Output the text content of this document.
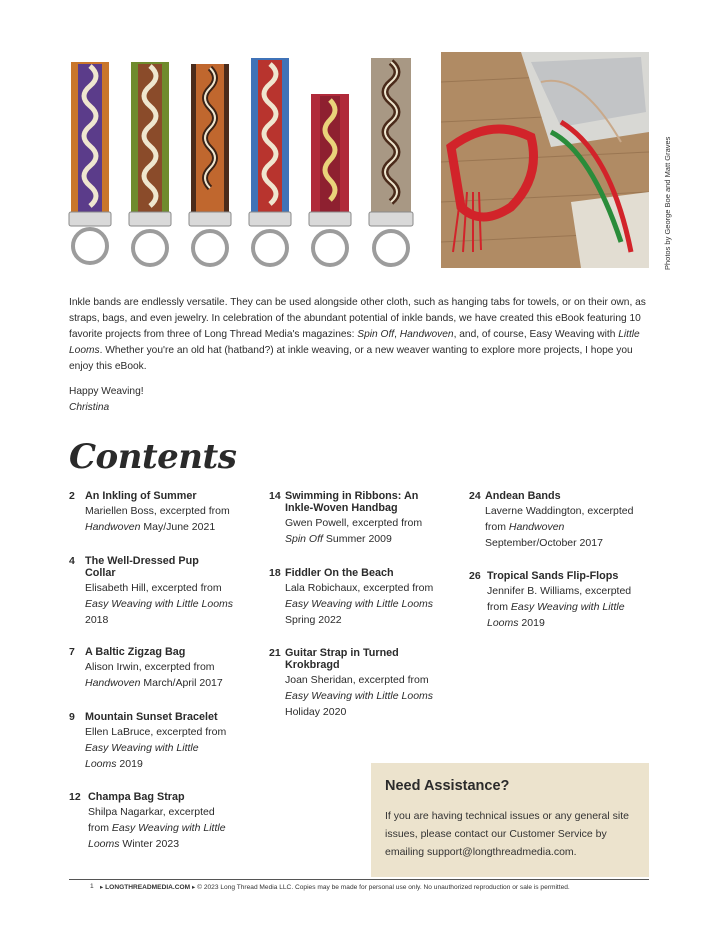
Photos by George Boe and Matt Graves

Inkle bands are endlessly versatile. They can be used alongside other cloth, such as hanging tabs for towels, or on their own, as straps, bags, and even jewelry. In celebration of the abundant potential of inkle bands, we have created this eBook featuring 10 favorite projects from three of Long Thread Media's magazines: Spin Off, Handwoven, and, of course, Easy Weaving with Little Looms. Whether you're an old hat (hatband?) at inkle weaving, or a new weaver wanting to explore more projects, I hope you enjoy this eBook.

Happy Weaving!
Christina

Contents
2 An Inkling of Summer
Mariellen Boss, excerpted from
Handwoven May/June 2021
4 The Well-Dressed Pup Collar
Elisabeth Hill, excerpted from Easy Weaving with Little Looms 2018
7 A Baltic Zigzag Bag
Alison Irwin, excerpted from
Handwoven March/April 2017
9 Mountain Sunset Bracelet
Ellen LaBruce, excerpted from Easy Weaving with Little Looms 2019
12 Champa Bag Strap
Shilpa Nagarkar, excerpted from Easy Weaving with Little Looms Winter 2023
14 Swimming in Ribbons: An Inkle-Woven Handbag
Gwen Powell, excerpted from
Spin Off Summer 2009
18 Fiddler On the Beach
Lala Robichaux, excerpted from Easy Weaving with Little Looms Spring 2022
21 Guitar Strap in Turned Krokbragd
Joan Sheridan, excerpted from
Easy Weaving with Little Looms
Holiday 2020
24 Andean Bands
Laverne Waddington, excerpted from Handwoven
September/October 2017
26 Tropical Sands Flip-Flops
Jennifer B. Williams, excerpted from Easy Weaving with Little Looms 2019
Need Assistance?

If you are having technical issues or any general site issues, please contact our Customer Service by emailing support@longthreadmedia.com.

1 ▸ LONGTHREADMEDIA.COM ▸ © 2023 Long Thread Media LLC. Copies may be made for personal use only. No unauthorized reproduction or sale is permitted.
